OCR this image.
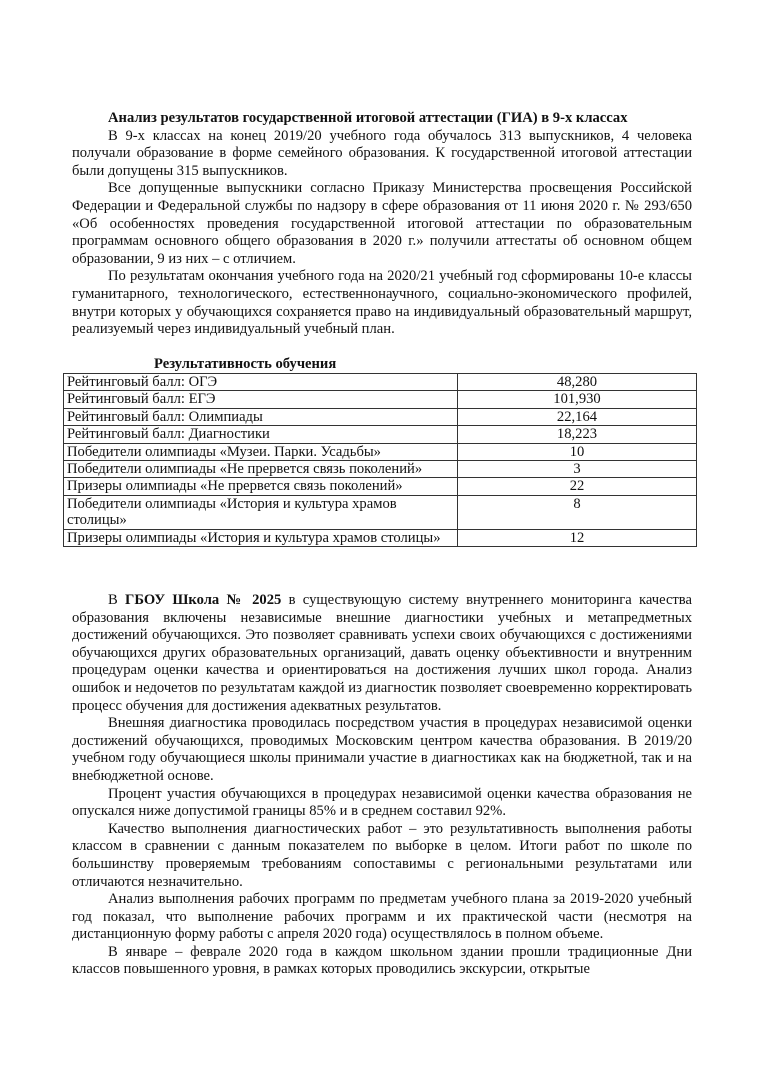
Анализ результатов государственной итоговой аттестации (ГИА) в 9-х классах

В 9-х классах на конец 2019/20 учебного года обучалось 313 выпускников, 4 человека получали образование в форме семейного образования. К государственной итоговой аттестации были допущены 315 выпускников.

Все допущенные выпускники согласно Приказу Министерства просвещения Российской Федерации и Федеральной службы по надзору в сфере образования от 11 июня 2020 г. № 293/650 «Об особенностях проведения государственной итоговой аттестации по образовательным программам основного общего образования в 2020 г.» получили аттестаты об основном общем образовании, 9 из них – с отличием.

По результатам окончания учебного года на 2020/21 учебный год сформированы 10-е классы гуманитарного, технологического, естественнонаучного, социально-экономического профилей, внутри которых у обучающихся сохраняется право на индивидуальный образовательный маршрут, реализуемый через индивидуальный учебный план.

Результативность обучения

Рейтинговый балл: ОГЭ	48,280
Рейтинговый балл: ЕГЭ	101,930
Рейтинговый балл: Олимпиады	22,164
Рейтинговый балл: Диагностики	18,223
Победители олимпиады «Музеи. Парки. Усадьбы»	10
Победители олимпиады «Не прервется связь поколений»	3
Призеры олимпиады «Не прервется связь поколений»	22
Победители олимпиады «История и культура храмов столицы»	8
Призеры олимпиады «История и культура храмов столицы»	12

В ГБОУ Школа № 2025 в существующую систему внутреннего мониторинга качества образования включены независимые внешние диагностики учебных и метапредметных достижений обучающихся. Это позволяет сравнивать успехи своих обучающихся с достижениями обучающихся других образовательных организаций, давать оценку объективности и внутренним процедурам оценки качества и ориентироваться на достижения лучших школ города. Анализ ошибок и недочетов по результатам каждой из диагностик позволяет своевременно корректировать процесс обучения для достижения адекватных результатов.

Внешняя диагностика проводилась посредством участия в процедурах независимой оценки достижений обучающихся, проводимых Московским центром качества образования. В 2019/20 учебном году обучающиеся школы принимали участие в диагностиках как на бюджетной, так и на внебюджетной основе.

Процент участия обучающихся в процедурах независимой оценки качества образования не опускался ниже допустимой границы 85% и в среднем составил 92%.

Качество выполнения диагностических работ – это результативность выполнения работы классом в сравнении с данным показателем по выборке в целом. Итоги работ по школе по большинству проверяемым требованиям сопоставимы с региональными результатами или отличаются незначительно.

Анализ выполнения рабочих программ по предметам учебного плана за 2019-2020 учебный год показал, что выполнение рабочих программ и их практической части (несмотря на дистанционную форму работы с апреля 2020 года) осуществлялось в полном объеме.

В январе – феврале 2020 года в каждом школьном здании прошли традиционные Дни классов повышенного уровня, в рамках которых проводились экскурсии, открытые
